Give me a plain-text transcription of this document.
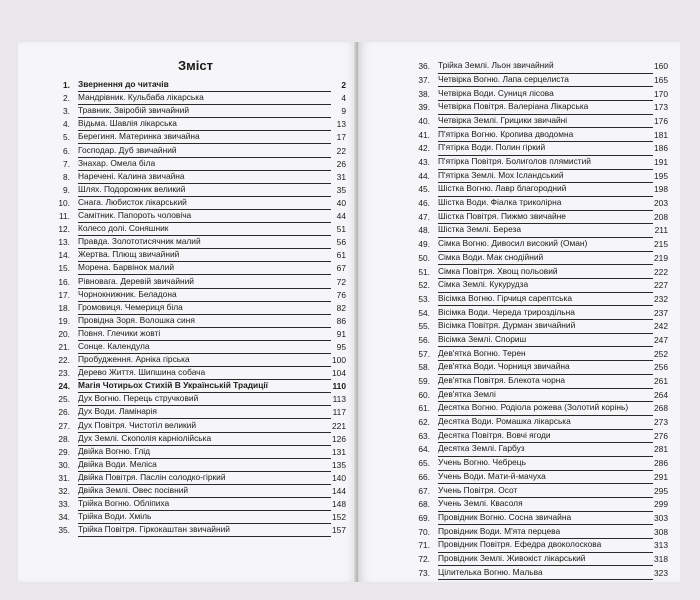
Зміст
1. Звернення до читачів	2
2. Мандрівник. Кульбаба лікарська	4
3. Травник. Звіробій звичайний	9
4. Відьма. Шавлія лікарська	13
5. Берегиня. Материнка звичайна	17
6. Господар. Дуб звичайний	22
7. Знахар. Омела біла	26
8. Наречені. Калина звичайна	31
9. Шлях. Подорожник великий	35
10. Снага. Любисток лікарський	40
11. Самітник. Папороть чоловіча	44
12. Колесо долі. Соняшник	51
13. Правда. Золототисячник малий	56
14. Жертва. Плющ звичайний	61
15. Морена. Барвінок малий	67
16. Рівновага. Деревій звичайний	72
17. Чорнокнижник. Беладона	76
18. Громовиця. Чемериця біла	82
19. Провідна Зоря. Волошка синя	86
20. Повня. Глечики жовті	91
21. Сонце. Календула	95
22. Пробудження. Арніка гірська	100
23. Дерево Життя. Шипшина собача	104
24. Магія Чотирьох Стихій В Українській Традиції	110
25. Дух Вогню. Перець стручковий	113
26. Дух Води. Ламінарія	117
27. Дух Повітря. Чистотіл великий	221
28. Дух Землі. Скополія карніолійська	126
29. Двійка Вогню. Глід	131
30. Двійка Води. Меліса	135
31. Двійка Повітря. Паслін солодко-гіркий	140
32. Двійка Землі. Овес посівний	144
33. Трійка Вогню. Обліпиха	148
34. Трійка Води. Хміль	152
35. Трійка Повітря. Гіркокаштан звичайний	157
36. Трійка Землі. Льон звичайний	160
37. Четвірка Вогню. Лапа серцелиста	165
38. Четвірка Води. Суниця лісова	170
39. Четвірка Повітря. Валеріана Лікарська	173
40. Четвірка Землі. Грицики звичайні	176
41. П'ятірка Вогню. Кропива дводомна	181
42. П'ятірка Води. Полин гіркий	186
43. П'ятірка Повітря. Болиголов плямистий	191
44. П'ятірка Землі. Мох Ісландський	195
45. Шістка Вогню. Лавр благородний	198
46. Шістка Води. Фіалка триколірна	203
47. Шістка Повітря. Пижмо звичайне	208
48. Шістка Землі. Береза	211
49. Сімка Вогню. Дивосил високий (Оман)	215
50. Сімка Води. Мак снодійний	219
51. Сімка Повітря. Хвощ польовий	222
52. Сімка Землі. Кукурудза	227
53. Вісімка Вогню. Гірчиця сарептська	232
54. Вісімка Води. Череда трироздільна	237
55. Вісімка Повітря. Дурман звичайний	242
56. Вісімка Землі. Спориш	247
57. Дев'ятка Вогню. Терен	252
58. Дев'ятка Води. Чорниця звичайна	256
59. Дев'ятка Повітря. Блекота чорна	261
60. Дев'ятка Землі	264
61. Десятка Вогню. Родіола рожева (Золотий корінь)	268
62. Десятка Води. Ромашка лікарська	273
63. Десятка Повітря. Вовчі ягоди	276
64. Десятка Землі. Гарбуз	281
65. Учень Вогню. Чебрець	286
66. Учень Води. Мати-й-мачуха	291
67. Учень Повітря. Осот	295
68. Учень Землі. Квасоля	299
69. Провідник Вогню. Сосна звичайна	303
70. Провідник Води. М'ята перцева	308
71. Провідник Повітря. Ефедра двоколоскова	313
72. Провідник Землі. Живокіст лікарський	318
73. Цілителька Вогню. Мальва	323
